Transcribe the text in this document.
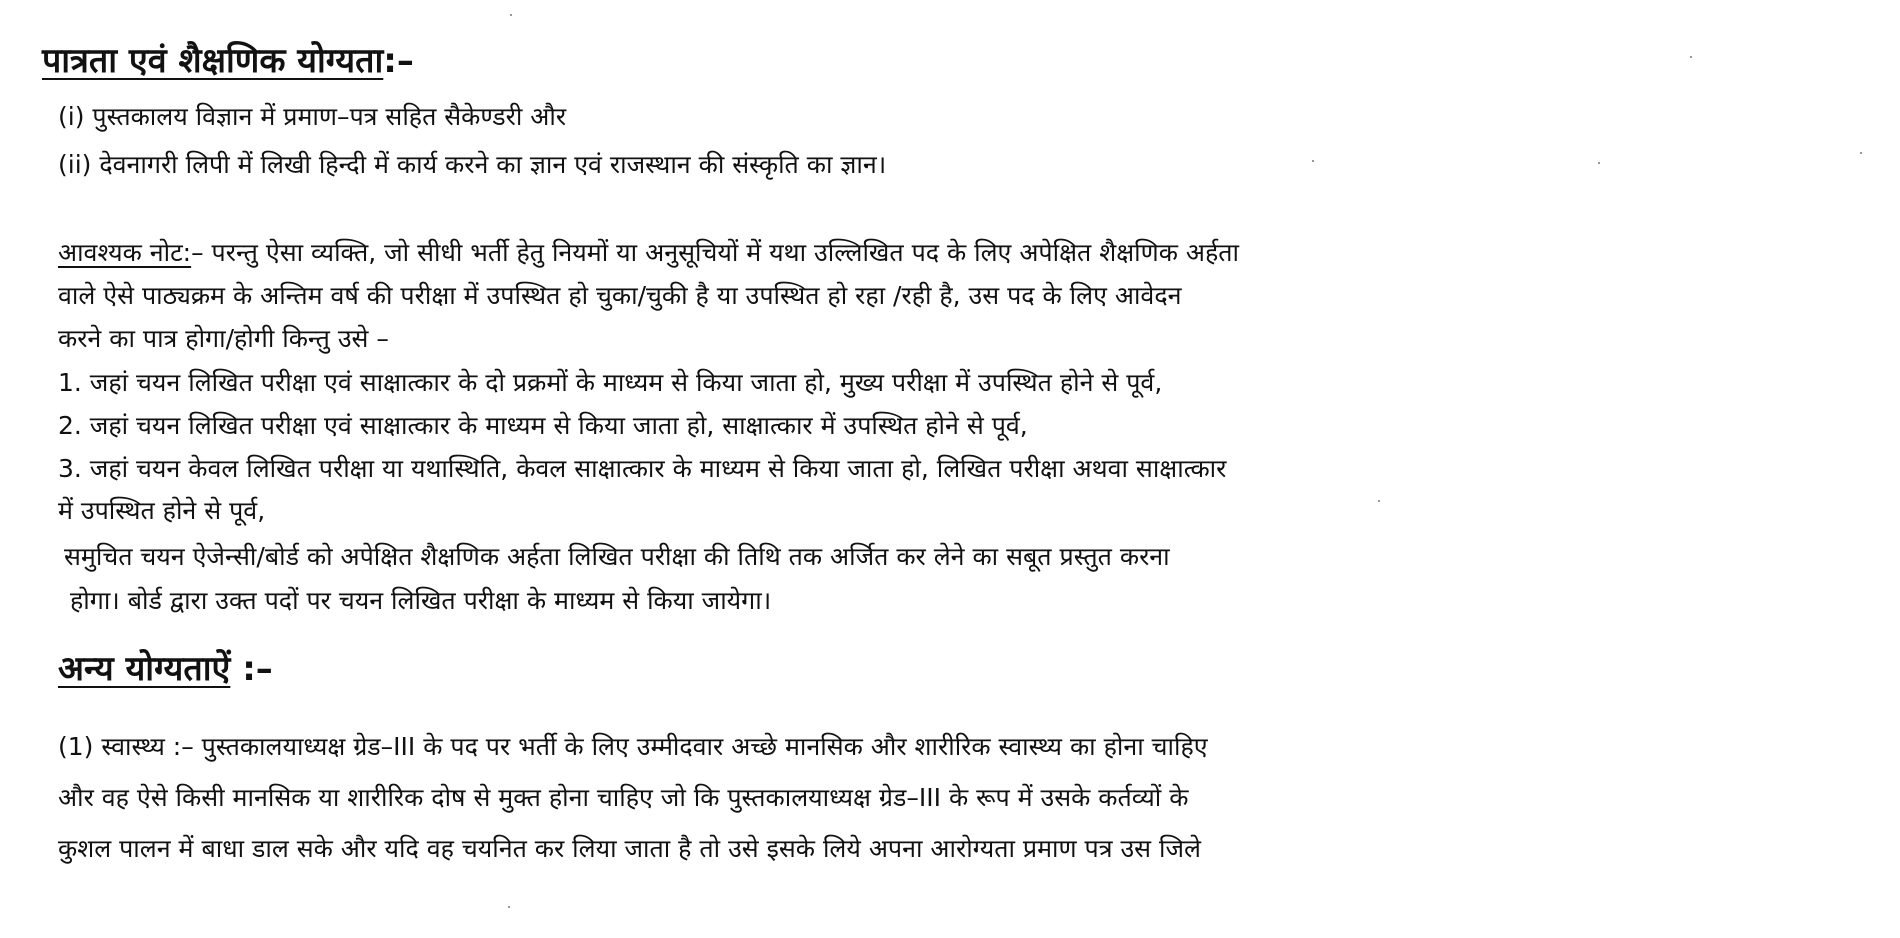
पात्रता एवं शैक्षणिक योग्यता:–
(i) पुस्तकालय विज्ञान में प्रमाण–पत्र सहित सैकेण्डरी और
(ii) देवनागरी लिपी में लिखी हिन्दी में कार्य करने का ज्ञान एवं राजस्थान की संस्कृति का ज्ञान।
आवश्यक नोट:– परन्तु ऐसा व्यक्ति, जो सीधी भर्ती हेतु नियमों या अनुसूचियों में यथा उल्लिखित पद के लिए अपेक्षित शैक्षणिक अर्हता
वाले ऐसे पाठ्यक्रम के अन्तिम वर्ष की परीक्षा में उपस्थित हो चुका/चुकी है या उपस्थित हो रहा /रही है, उस पद के लिए आवेदन
करने का पात्र होगा/होगी किन्तु उसे –
1. जहां चयन लिखित परीक्षा एवं साक्षात्कार के दो प्रक्रमों के माध्यम से किया जाता हो, मुख्य परीक्षा में उपस्थित होने से पूर्व,
2. जहां चयन लिखित परीक्षा एवं साक्षात्कार के माध्यम से किया जाता हो, साक्षात्कार में उपस्थित होने से पूर्व,
3. जहां चयन केवल लिखित परीक्षा या यथास्थिति, केवल साक्षात्कार के माध्यम से किया जाता हो, लिखित परीक्षा अथवा साक्षात्कार
में उपस्थित होने से पूर्व,
समुचित चयन ऐजेन्सी/बोर्ड को अपेक्षित शैक्षणिक अर्हता लिखित परीक्षा की तिथि तक अर्जित कर लेने का सबूत प्रस्तुत करना
होगा। बोर्ड द्वारा उक्त पदों पर चयन लिखित परीक्षा के माध्यम से किया जायेगा।
अन्य योग्यताऐं :–
(1) स्वास्थ्य :– पुस्तकालयाध्यक्ष ग्रेड–III के पद पर भर्ती के लिए उम्मीदवार अच्छे मानसिक और शारीरिक स्वास्थ्य का होना चाहिए
और वह ऐसे किसी मानसिक या शारीरिक दोष से मुक्त होना चाहिए जो कि पुस्तकालयाध्यक्ष ग्रेड–III के रूप में उसके कर्तव्यों के
कुशल पालन में बाधा डाल सके और यदि वह चयनित कर लिया जाता है तो उसे इसके लिये अपना आरोग्यता प्रमाण पत्र उस जिले
